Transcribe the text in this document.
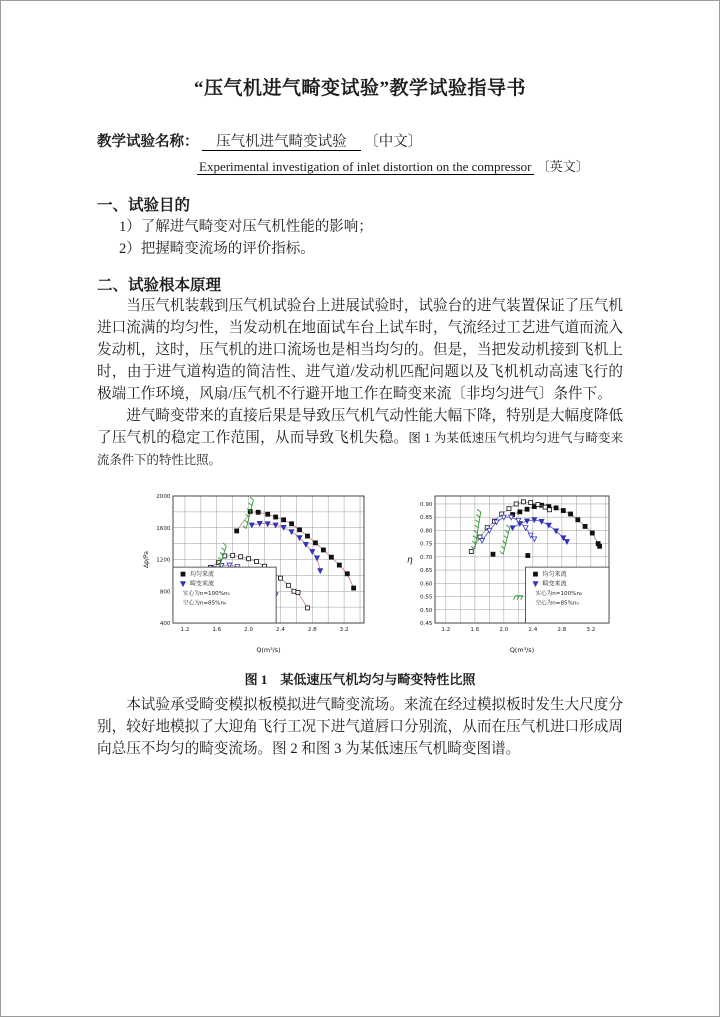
“压气机进气畸变试验”教学试验指导书
教学试验名称： 压气机进气畸变试验 〔中文〕
Experimental investigation of inlet distortion on the compressor 〔英文〕
一、试验目的
1）了解进气畸变对压气机性能的影响；
2）把握畸变流场的评价指标。
二、试验根本原理

当压气机装载到压气机试验台上进展试验时，试验台的进气装置保证了压气机进口流满的均匀性，当发动机在地面试车台上试车时，气流经过工艺进气道而流入发动机，这时，压气机的进口流场也是相当均匀的。但是，当把发动机接到飞机上时，由于进气道构造的简洁性、进气道/发动机匹配问题以及飞机机动高速飞行的极端工作环境，风扇/压气机不行避开地工作在畸变来流〔非均匀进气〕条件下。

进气畸变带来的直接后果是导致压气机气动性能大幅下降，特别是大幅度降低了压气机的稳定工作范围，从而导致飞机失稳。图 1 为某低速压气机均匀进气与畸变来流条件下的特性比照。

1.2	1.6	2.0	2.4	2.8	3.2
400
800
1200
1600
2000
Q(m³/s)
Δp/Pa
均匀来流
畸变来流
实心为n=100%n₀
空心为n=85%n₀
1.2	1.6	2.0	2.4	2.8	3.2
0.45
0.50
0.55
0.60
0.65
0.70
0.75
0.80
0.85
0.90
Q(m³/s)
η
均匀来流
畸变来流
实心为n=100%n₀
空心为n=85%n₀
图 1　某低速压气机均匀与畸变特性比照

本试验承受畸变模拟板模拟进气畸变流场。来流在经过模拟板时发生大尺度分别，较好地模拟了大迎角飞行工况下进气道唇口分别流，从而在压气机进口形成周向总压不均匀的畸变流场。图 2 和图 3 为某低速压气机畸变图谱。
